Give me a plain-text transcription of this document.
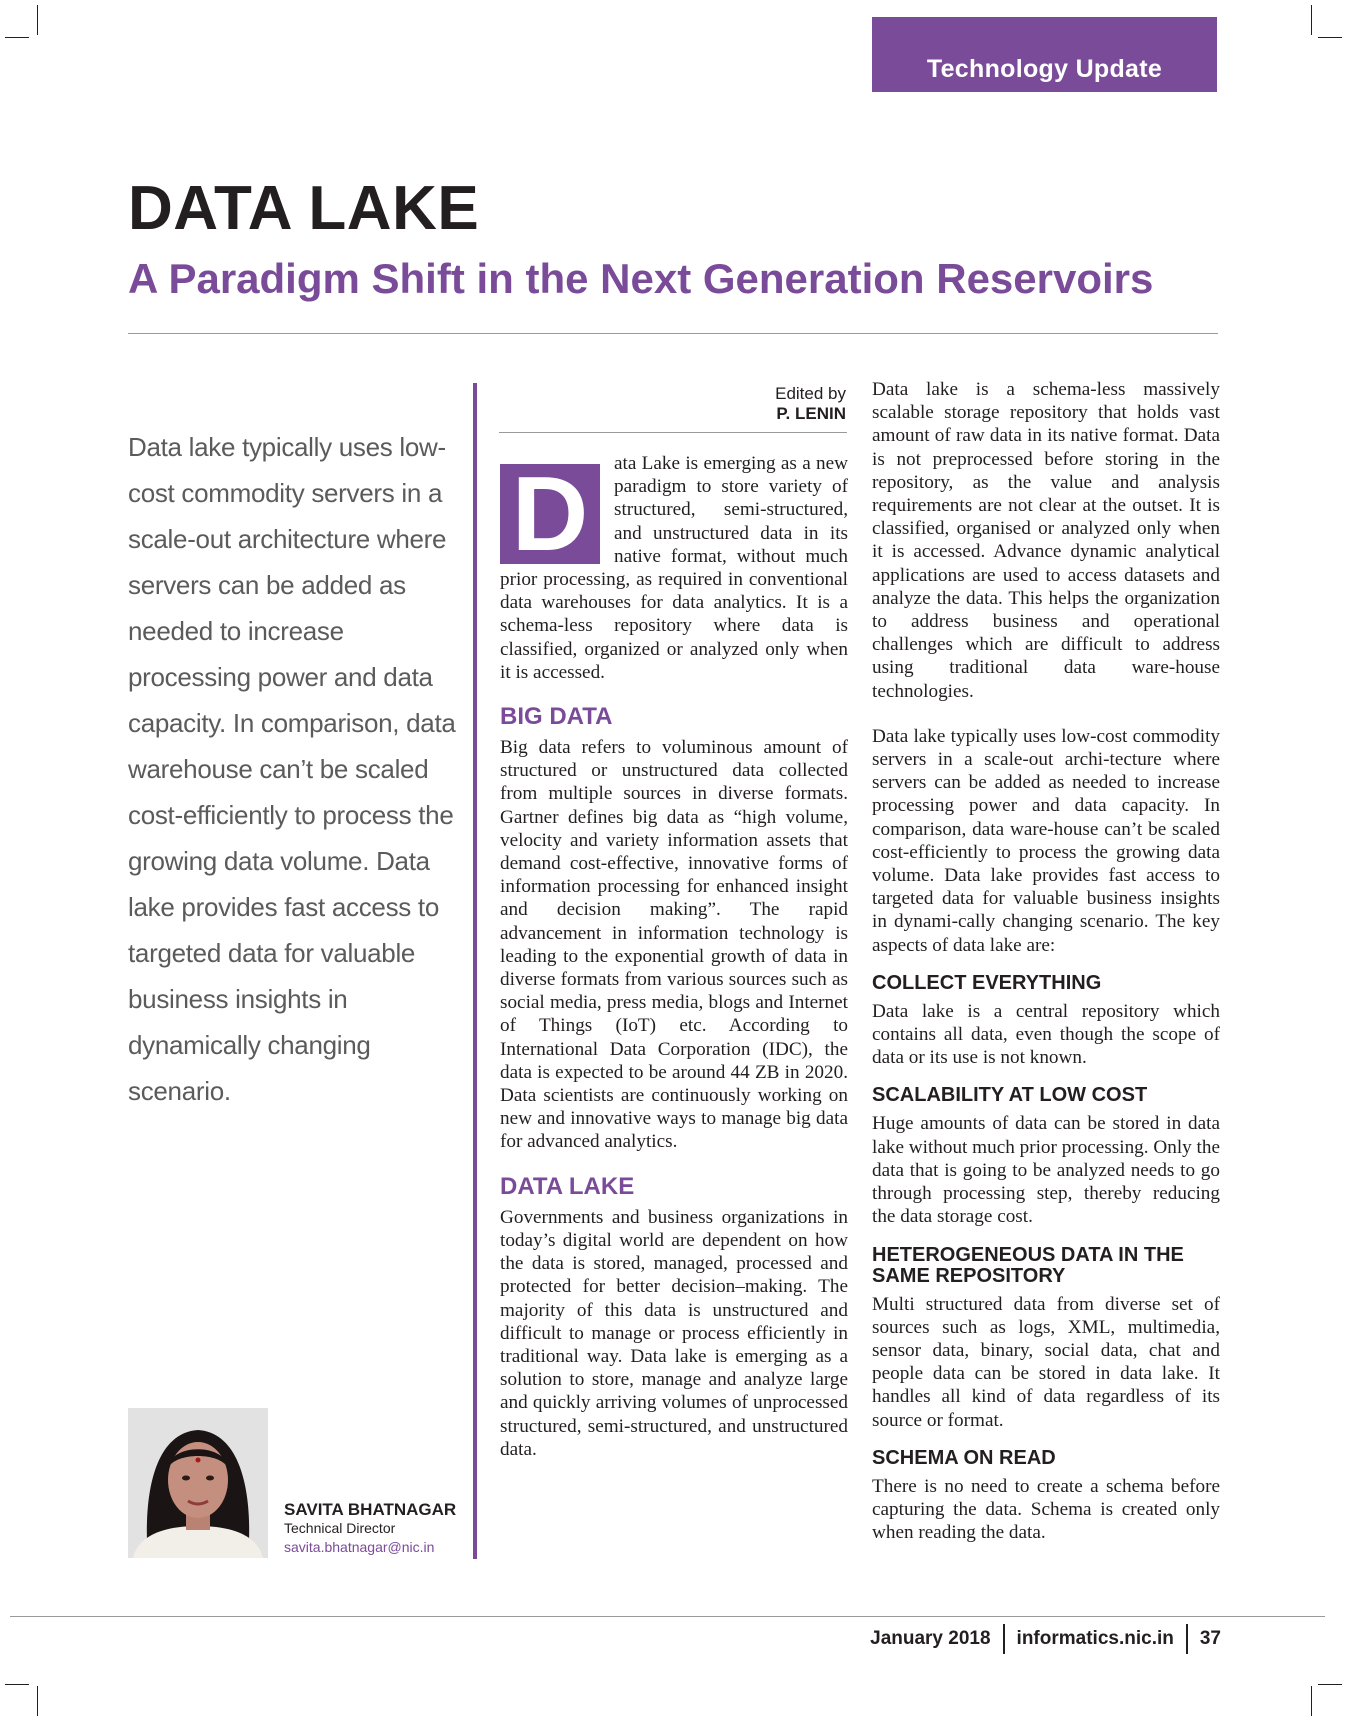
Technology Update
DATA LAKE
A Paradigm Shift in the Next Generation Reservoirs
Data lake typically uses low-cost commodity servers in a scale-out architecture where servers can be added as needed to increase processing power and data capacity. In comparison, data warehouse can’t be scaled cost-efficiently to process the growing data volume. Data lake provides fast access to targeted data for valuable business insights in dynamically changing scenario.
SAVITA BHATNAGAR
Technical Director
savita.bhatnagar@nic.in
Edited by
P. LENIN

D	ata Lake is emerging as a new paradigm to store variety of structured, semi-structured, and unstructured data in its native format, without much prior processing, as required in conventional data warehouses for data analytics. It is a schema-less repository where data is classified, organized or analyzed only when it is accessed.

BIG DATA

Big data refers to voluminous amount of structured or unstructured data collected from multiple sources in diverse formats. Gartner defines big data as “high volume, velocity and variety information assets that demand cost-effective, innovative forms of information processing for enhanced insight and decision making”. The rapid advancement in information technology is leading to the exponential growth of data in diverse formats from various sources such as social media, press media, blogs and Internet of Things (IoT) etc. According to International Data Corporation (IDC), the data is expected to be around 44 ZB in 2020. Data scientists are continuously working on new and innovative ways to manage big data for advanced analytics.

DATA LAKE

Governments and business organizations in today’s digital world are dependent on how the data is stored, managed, processed and protected for better decision–making. The majority of this data is unstructured and difficult to manage or process efficiently in traditional way. Data lake is emerging as a solution to store, manage and analyze large and quickly arriving volumes of unprocessed structured, semi-structured, and unstructured data.

Data lake is a schema-less massively scalable storage repository that holds vast amount of raw data in its native format. Data is not preprocessed before storing in the repository, as the value and analysis requirements are not clear at the outset. It is classified, organised or analyzed only when it is accessed. Advance dynamic analytical applications are used to access datasets and analyze the data. This helps the organization to address business and operational challenges which are difficult to address using traditional data ware-house technologies.

Data lake typically uses low-cost commodity servers in a scale-out archi-tecture where servers can be added as needed to increase processing power and data capacity. In comparison, data ware-house can’t be scaled cost-efficiently to process the growing data volume. Data lake provides fast access to targeted data for valuable business insights in dynami-cally changing scenario. The key aspects of data lake are:

COLLECT EVERYTHING

Data lake is a central repository which contains all data, even though the scope of data or its use is not known.

SCALABILITY AT LOW COST

Huge amounts of data can be stored in data lake without much prior processing. Only the data that is going to be analyzed needs to go through processing step, thereby reducing the data storage cost.

HETEROGENEOUS DATA IN THE SAME REPOSITORY

Multi structured data from diverse set of sources such as logs, XML, multimedia, sensor data, binary, social data, chat and people data can be stored in data lake. It handles all kind of data regardless of its source or format.

SCHEMA ON READ

There is no need to create a schema before capturing the data. Schema is created only when reading the data.

January 2018 informatics.nic.in 37
